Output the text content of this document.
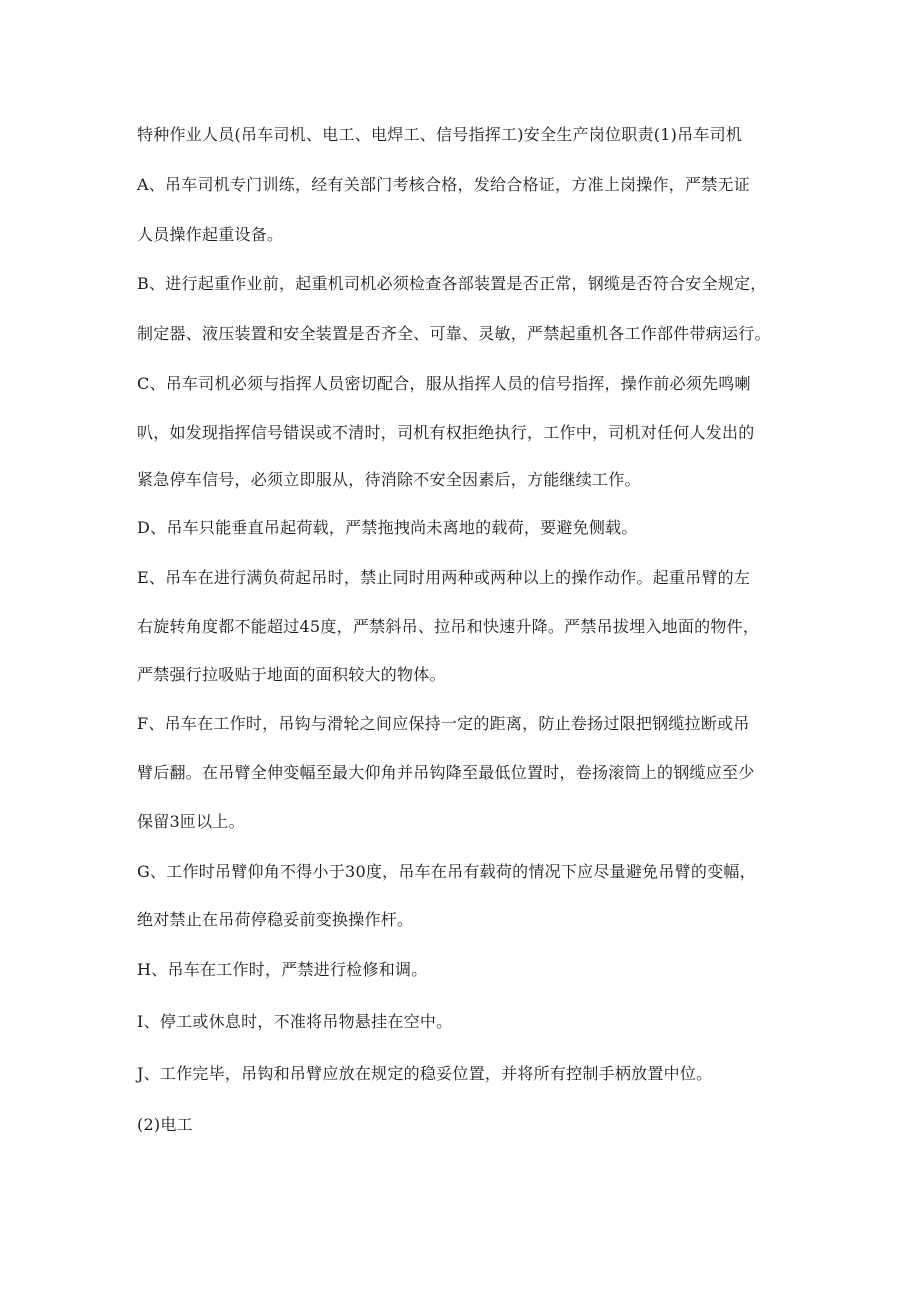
特种作业人员(吊车司机、电工、电焊工、信号指挥工)安全生产岗位职责(1)吊车司机
A、吊车司机专门训练，经有关部门考核合格，发给合格证，方准上岗操作，严禁无证
人员操作起重设备。
B、进行起重作业前，起重机司机必须检查各部装置是否正常，钢缆是否符合安全规定，
制定器、液压装置和安全装置是否齐全、可靠、灵敏，严禁起重机各工作部件带病运行。
C、吊车司机必须与指挥人员密切配合，服从指挥人员的信号指挥，操作前必须先鸣喇
叭，如发现指挥信号错误或不清时，司机有权拒绝执行，工作中，司机对任何人发出的
紧急停车信号，必须立即服从，待消除不安全因素后，方能继续工作。
D、吊车只能垂直吊起荷载，严禁拖拽尚未离地的载荷，要避免侧载。
E、吊车在进行满负荷起吊时，禁止同时用两种或两种以上的操作动作。起重吊臂的左
右旋转角度都不能超过45度，严禁斜吊、拉吊和快速升降。严禁吊拔埋入地面的物件，
严禁强行拉吸贴于地面的面积较大的物体。
F、吊车在工作时，吊钩与滑轮之间应保持一定的距离，防止卷扬过限把钢缆拉断或吊
臂后翻。在吊臂全伸变幅至最大仰角并吊钩降至最低位置时，卷扬滚筒上的钢缆应至少
保留3匝以上。
G、工作时吊臂仰角不得小于30度，吊车在吊有载荷的情况下应尽量避免吊臂的变幅，
绝对禁止在吊荷停稳妥前变换操作杆。
H、吊车在工作时，严禁进行检修和调。
I、停工或休息时，不准将吊物悬挂在空中。
J、工作完毕，吊钩和吊臂应放在规定的稳妥位置，并将所有控制手柄放置中位。
(2)电工
